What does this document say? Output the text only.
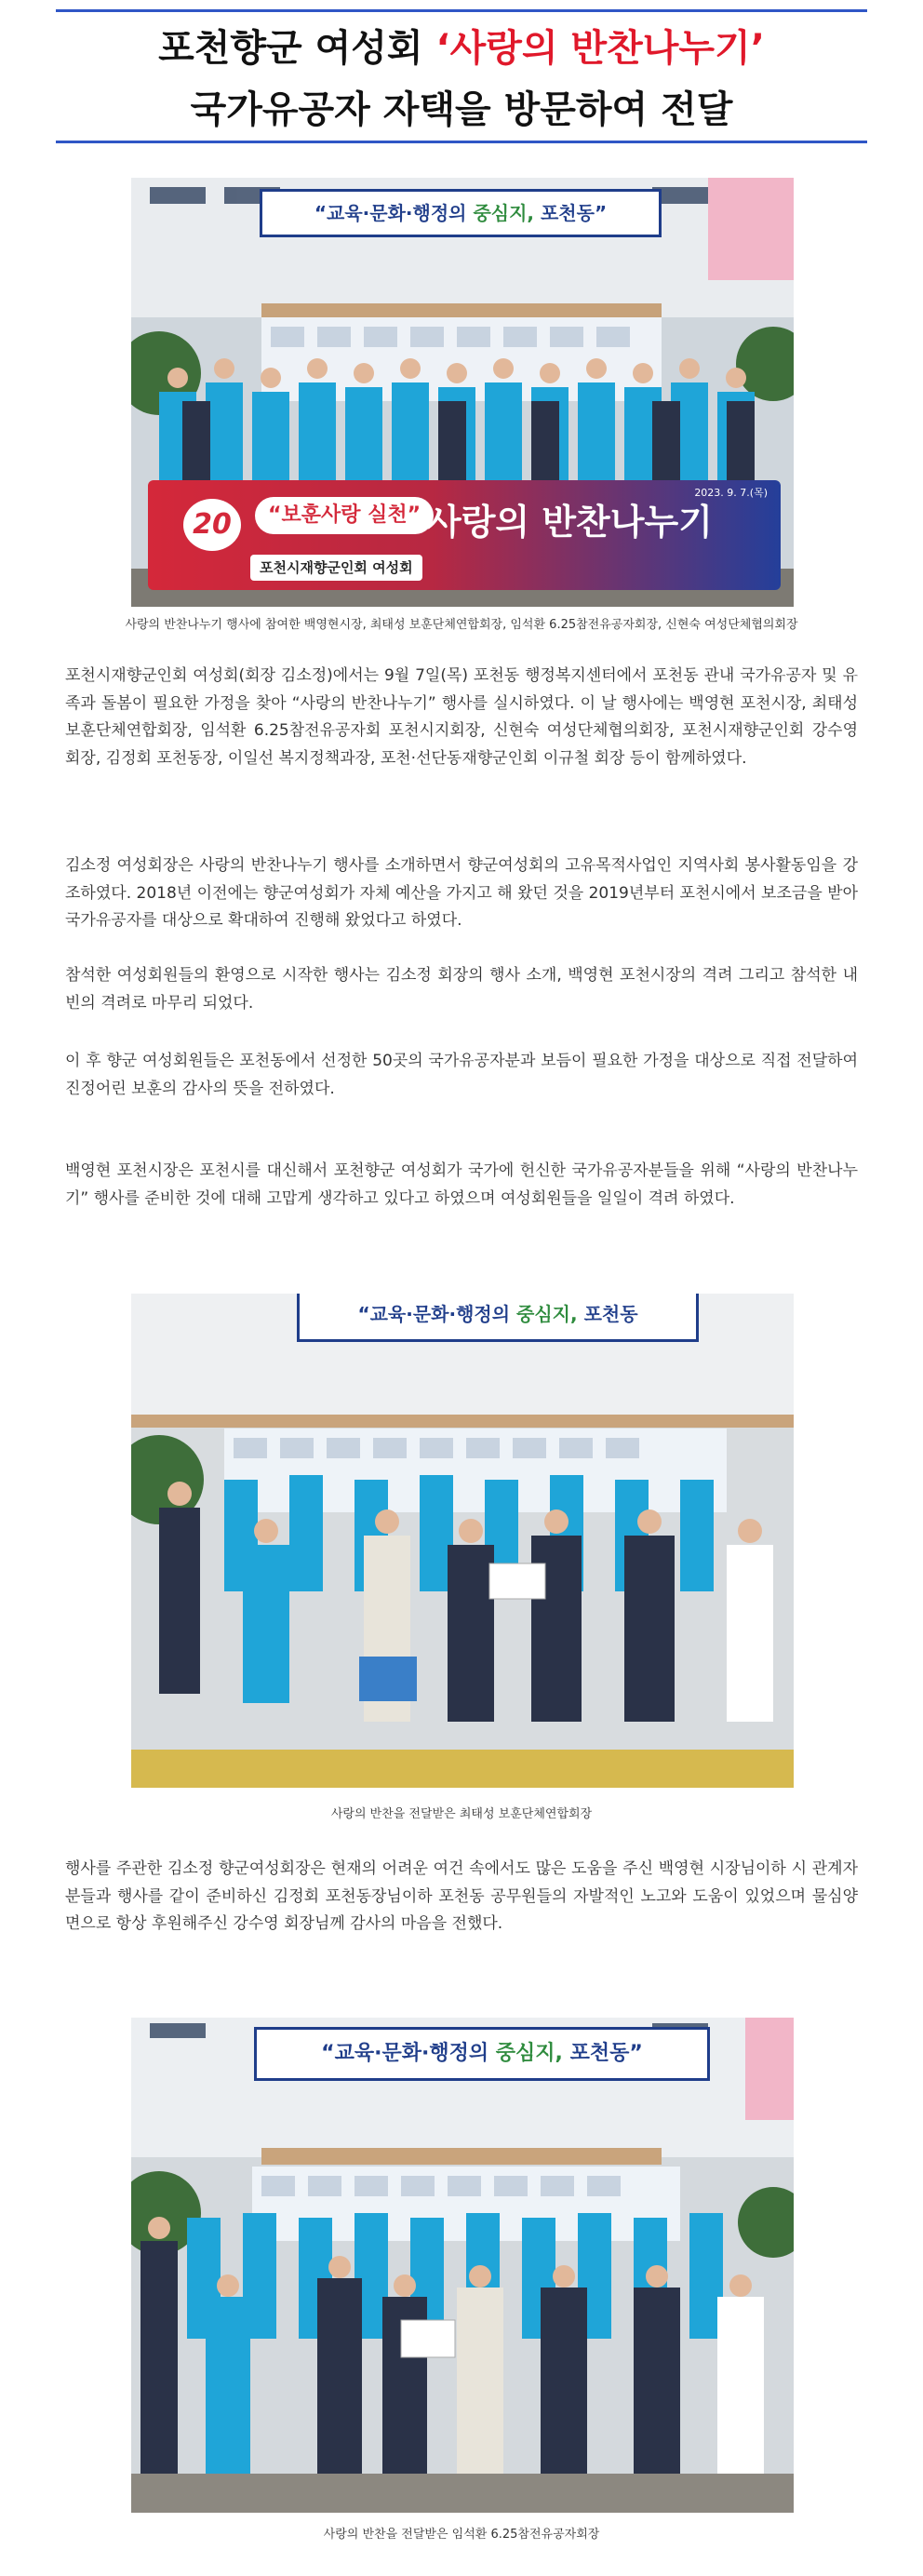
포천향군 여성회 ‘사랑의 반찬나누기’
국가유공자 자택을 방문하여 전달
“교육·문화·행정의 중심지, 포천동”
20	“보훈사랑 실천” 사랑의 반찬나누기
포천시재향군인회 여성회
2023. 9. 7.(목)
사랑의 반찬나누기 행사에 참여한 백영현시장, 최태성 보훈단체연합회장, 임석환 6.25참전유공자회장, 신현숙 여성단체협의회장

포천시재향군인회 여성회(회장 김소정)에서는 9월 7일(목) 포천동 행정복지센터에서 포천동 관내 국가유공자 및 유족과 돌봄이 필요한 가정을 찾아 “사랑의 반찬나누기” 행사를 실시하였다. 이 날 행사에는 백영현 포천시장, 최태성 보훈단체연합회장, 임석환 6.25참전유공자회 포천시지회장, 신현숙 여성단체협의회장, 포천시재향군인회 강수영 회장, 김정회 포천동장, 이일선 복지정책과장, 포천·선단동재향군인회 이규철 회장 등이 함께하였다.

김소정 여성회장은 사랑의 반찬나누기 행사를 소개하면서 향군여성회의 고유목적사업인 지역사회 봉사활동임을 강조하였다. 2018년 이전에는 향군여성회가 자체 예산을 가지고 해 왔던 것을 2019년부터 포천시에서 보조금을 받아 국가유공자를 대상으로 확대하여 진행해 왔었다고 하였다.

참석한 여성회원들의 환영으로 시작한 행사는 김소정 회장의 행사 소개, 백영현 포천시장의 격려 그리고 참석한 내빈의 격려로 마무리 되었다.

이 후 향군 여성회원들은 포천동에서 선정한 50곳의 국가유공자분과 보듬이 필요한 가정을 대상으로 직접 전달하여 진정어린 보훈의 감사의 뜻을 전하였다.

백영현 포천시장은 포천시를 대신해서 포천향군 여성회가 국가에 헌신한 국가유공자분들을 위해 “사랑의 반찬나누기” 행사를 준비한 것에 대해 고맙게 생각하고 있다고 하였으며 여성회원들을 일일이 격려 하였다.

“교육·문화·행정의 중심지, 포천동
사랑의 반찬을 전달받은 최태성 보훈단체연합회장

행사를 주관한 김소정 향군여성회장은 현재의 어려운 여건 속에서도 많은 도움을 주신 백영현 시장님이하 시 관계자분들과 행사를 같이 준비하신 김정회 포천동장님이하 포천동 공무원들의 자발적인 노고와 도움이 있었으며 물심양면으로 항상 후원해주신 강수영 회장님께 감사의 마음을 전했다.

“교육·문화·행정의 중심지, 포천동”
사랑의 반찬을 전달받은 임석환 6.25참전유공자회장
